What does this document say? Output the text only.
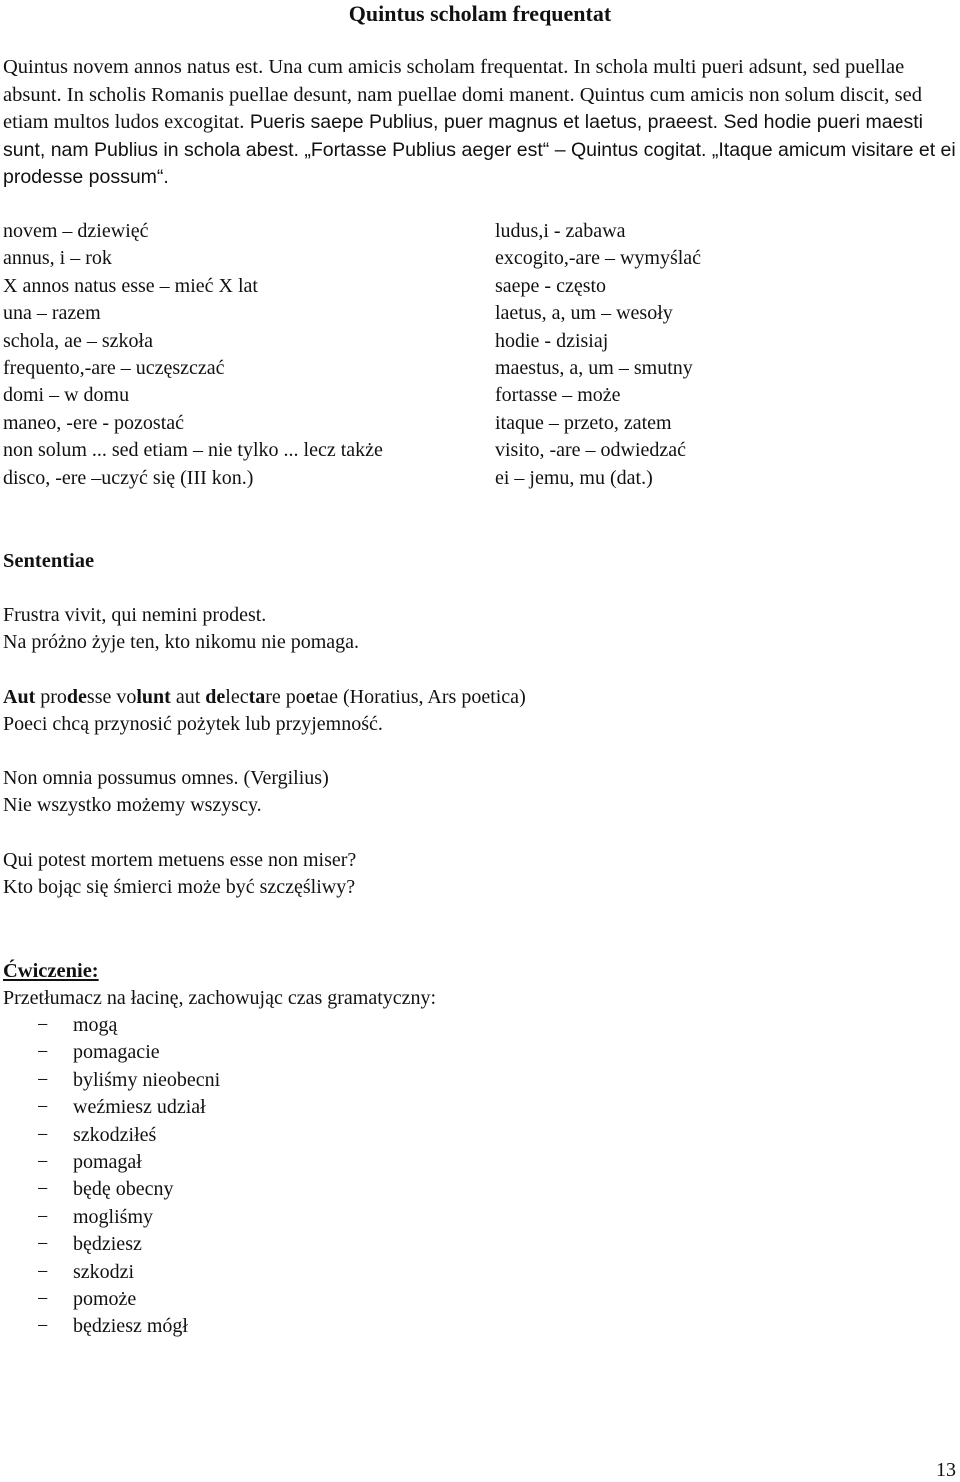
Quintus scholam frequentat
Quintus novem annos natus est. Una cum amicis scholam frequentat. In schola multi pueri adsunt, sed puellae absunt. In scholis Romanis puellae desunt, nam puellae domi manent. Quintus cum amicis non solum discit, sed etiam multos ludos excogitat. Pueris saepe Publius, puer magnus et laetus, praeest. Sed hodie pueri maesti sunt, nam Publius in schola abest. „Fortasse Publius aeger est“ – Quintus cogitat. „Itaque amicum visitare et ei prodesse possum“.
novem – dziewięć
annus, i – rok
X annos natus esse – mieć X lat
una – razem
schola, ae – szkoła
frequento,-are – uczęszczać
domi – w domu
maneo, -ere - pozostać
non solum ... sed etiam – nie tylko ... lecz także
disco, -ere –uczyć się (III kon.)
ludus,i - zabawa
excogito,-are – wymyślać
saepe - często
laetus, a, um – wesoły
hodie - dzisiaj
maestus, a, um – smutny
fortasse – może
itaque – przeto, zatem
visito, -are – odwiedzać
ei – jemu, mu (dat.)
Sententiae
Frustra vivit, qui nemini prodest.
Na próżno żyje ten, kto nikomu nie pomaga.
Aut prodesse volunt aut delectare poetae (Horatius, Ars poetica)
Poeci chcą przynosić pożytek lub przyjemność.
Non omnia possumus omnes. (Vergilius)
Nie wszystko możemy wszyscy.
Qui potest mortem metuens esse non miser?
Kto bojąc się śmierci może być szczęśliwy?
Ćwiczenie:
Przetłumacz na łacinę, zachowując czas gramatyczny:
− mogą
− pomagacie
− byliśmy nieobecni
− weźmiesz udział
− szkodziłeś
− pomagał
− będę obecny
− mogliśmy
− będziesz
− szkodzi
− pomoże
− będziesz mógł
13
